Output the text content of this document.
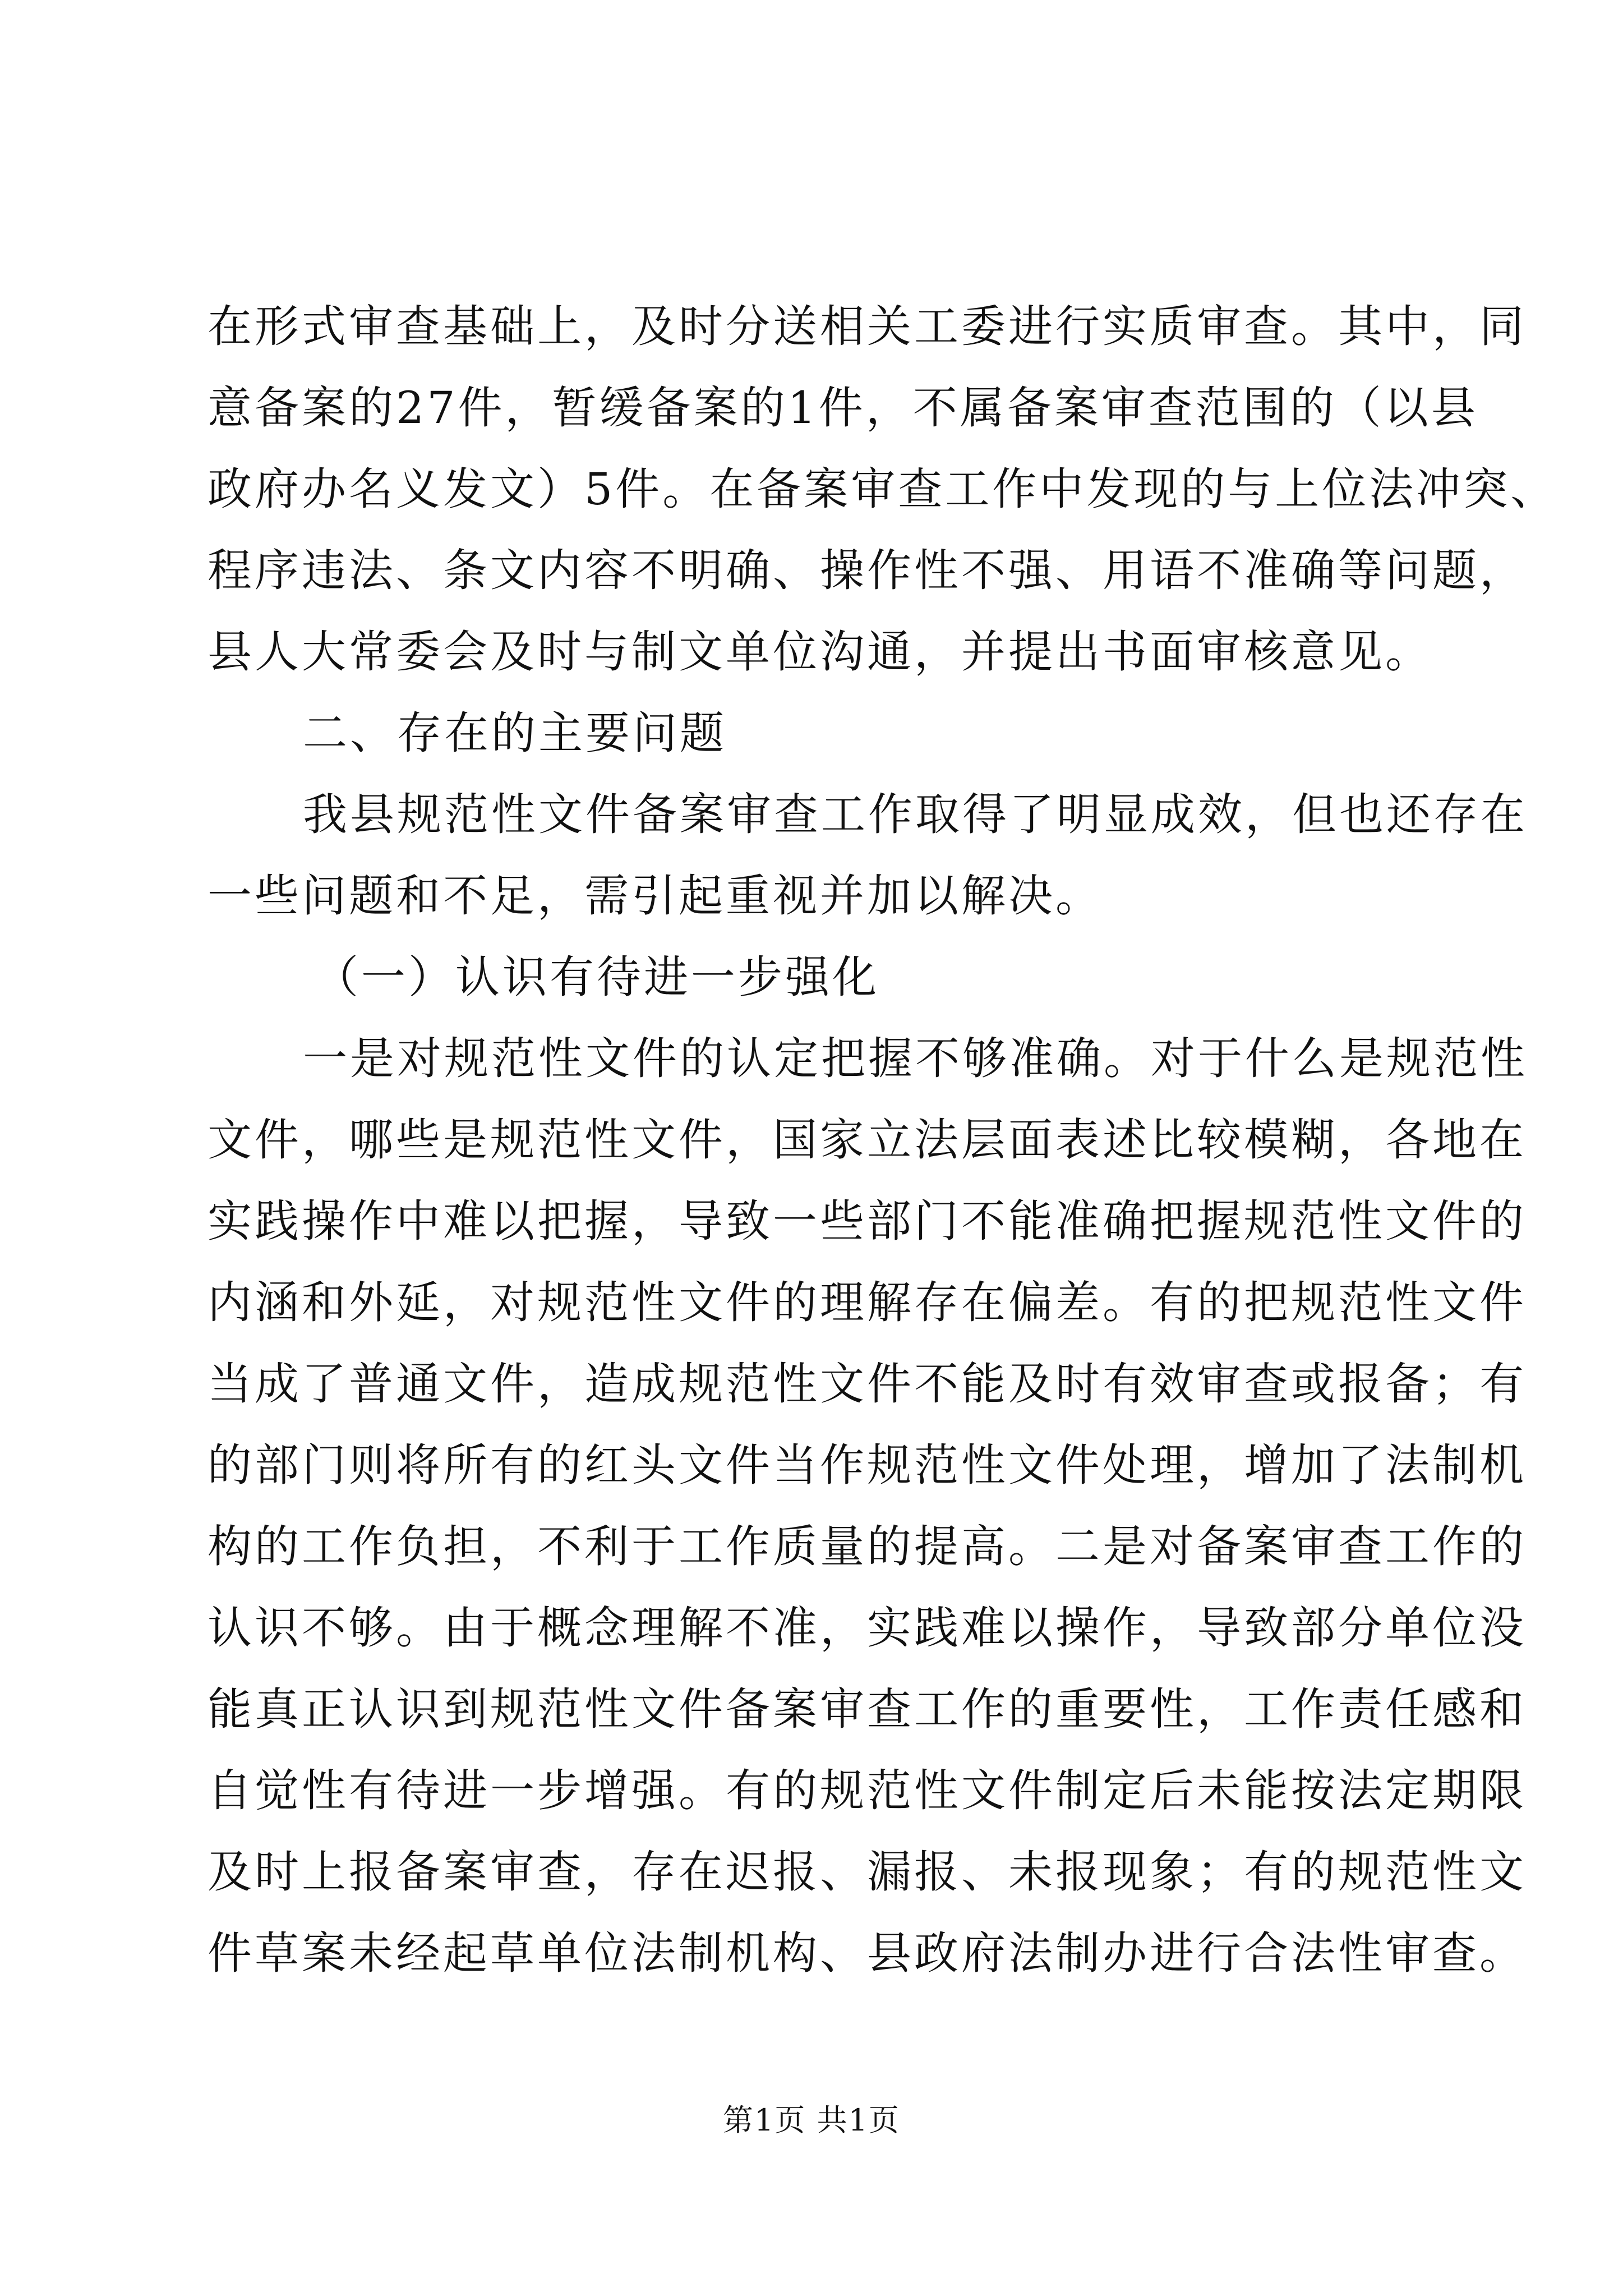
在形式审查基础上，及时分送相关工委进行实质审查。其中，同
意备案的27件，暂缓备案的1件，不属备案审查范围的（以县
政府办名义发文）5件。在备案审查工作中发现的与上位法冲突、
程序违法、条文内容不明确、操作性不强、用语不准确等问题，
县人大常委会及时与制文单位沟通，并提出书面审核意见。
二、存在的主要问题
我县规范性文件备案审查工作取得了明显成效，但也还存在
一些问题和不足，需引起重视并加以解决。
（一）认识有待进一步强化
一是对规范性文件的认定把握不够准确。对于什么是规范性
文件，哪些是规范性文件，国家立法层面表述比较模糊，各地在
实践操作中难以把握，导致一些部门不能准确把握规范性文件的
内涵和外延，对规范性文件的理解存在偏差。有的把规范性文件
当成了普通文件，造成规范性文件不能及时有效审查或报备；有
的部门则将所有的红头文件当作规范性文件处理，增加了法制机
构的工作负担，不利于工作质量的提高。二是对备案审查工作的
认识不够。由于概念理解不准，实践难以操作，导致部分单位没
能真正认识到规范性文件备案审查工作的重要性，工作责任感和
自觉性有待进一步增强。有的规范性文件制定后未能按法定期限
及时上报备案审查，存在迟报、漏报、未报现象；有的规范性文
件草案未经起草单位法制机构、县政府法制办进行合法性审查。
第1页 共1页
